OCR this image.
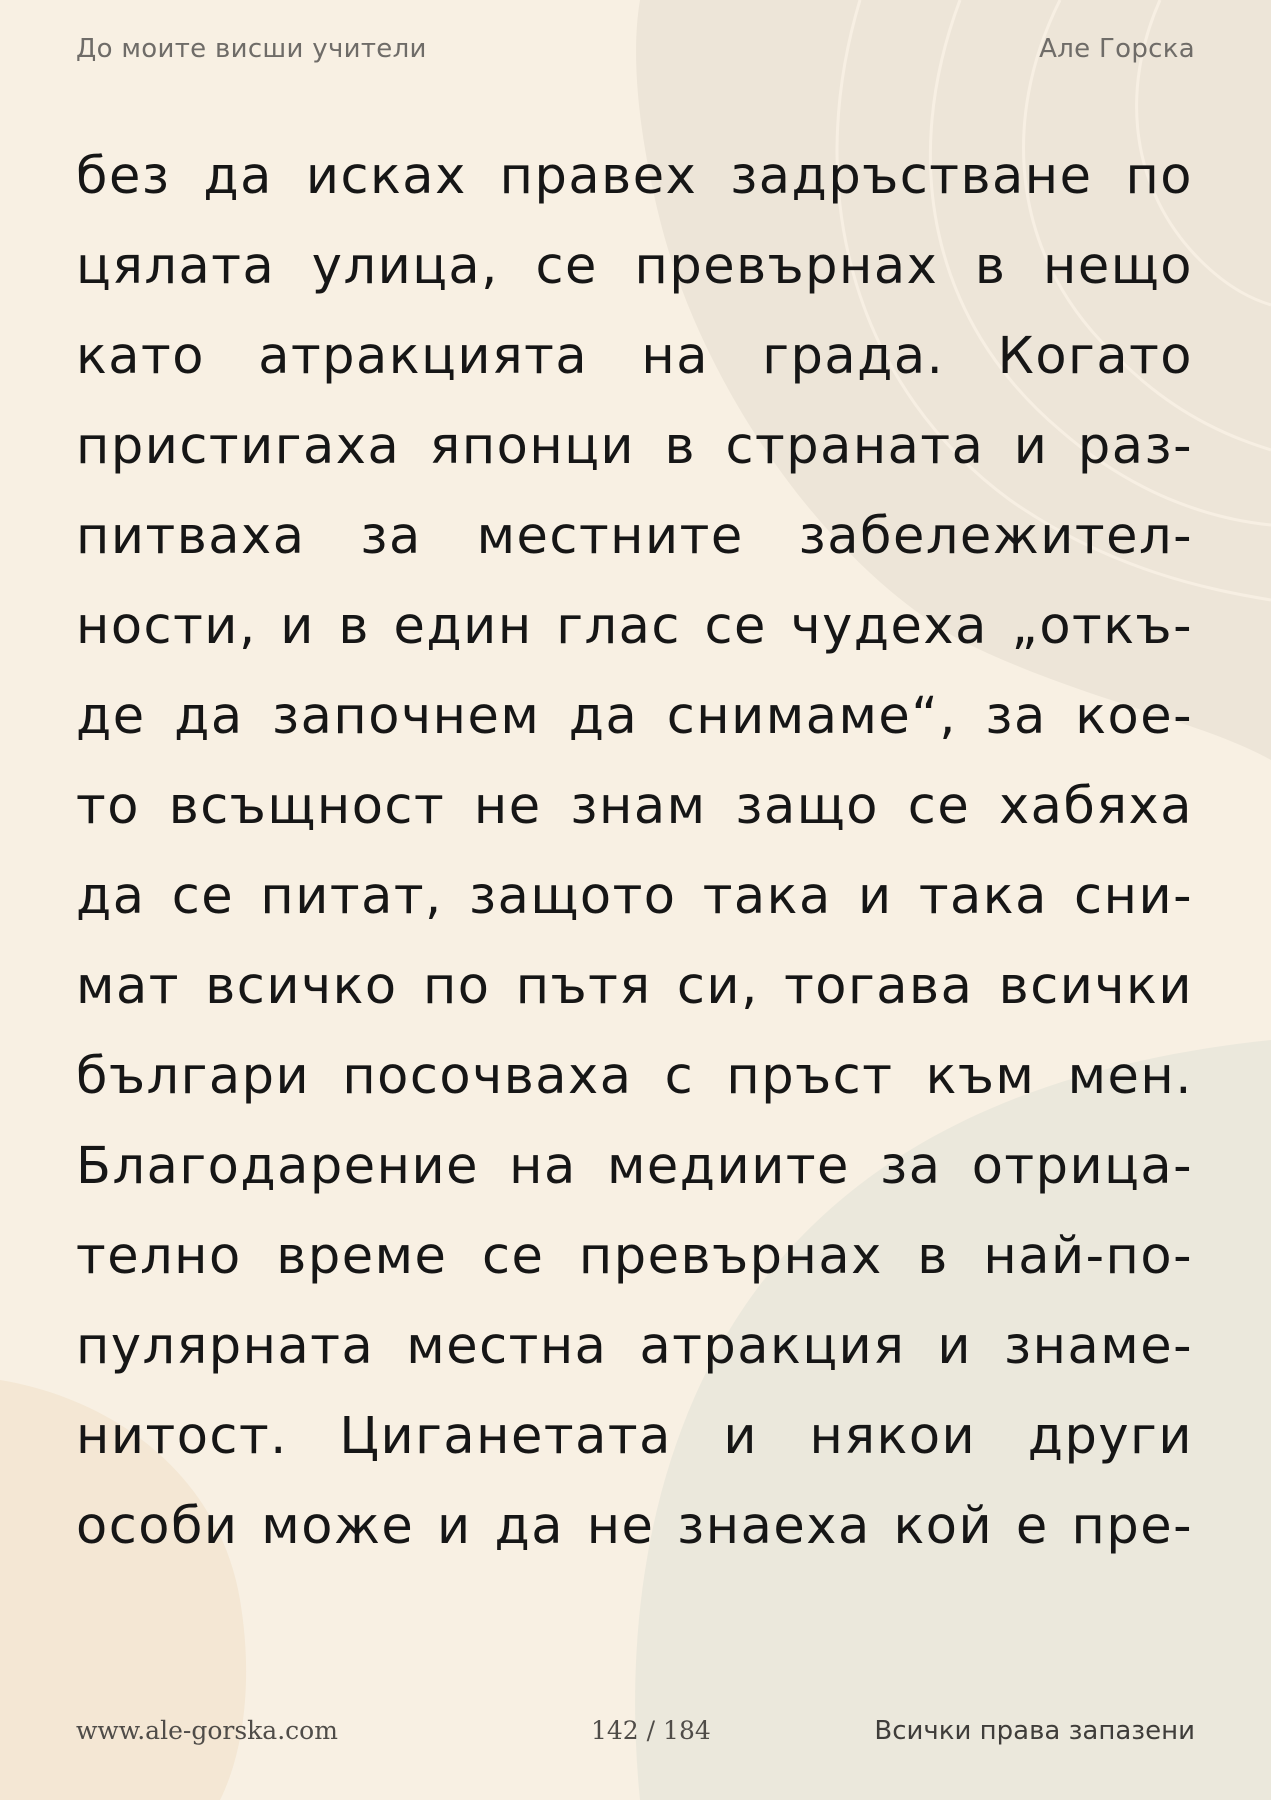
До моите висши учители	Але Горска
без да исках правех задръстване по
цялата улица, се превърнах в нещо
като атракцията на града. Когато
пристигаха японци в страната и раз-
питваха за местните забележител-
ности, и в един глас се чудеха „откъ-
де да започнем да снимаме“, за кое-
то всъщност не знам защо се хабяха
да се питат, защото така и така сни-
мат всичко по пътя си, тогава всички
българи посочваха с пръст към мен.
Благодарение на медиите за отрица-
телно време се превърнах в най-по-
пулярната местна атракция и знаме-
нитост. Циганетата и някои други
особи може и да не знаеха кой е пре-
www.ale-gorska.com	142 / 184	Всички права запазени
